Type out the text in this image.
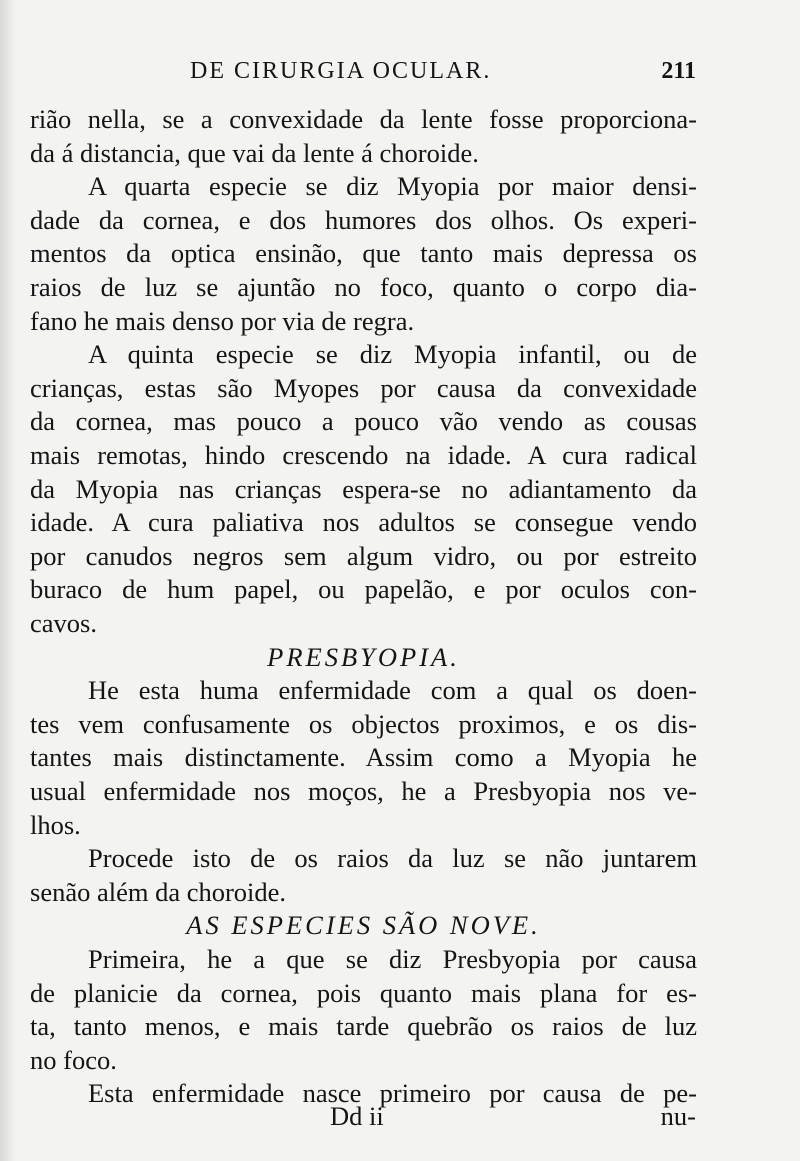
DE CIRURGIA OCULAR.	211
rião nella, se a convexidade da lente fosse proporciona-
da á distancia, que vai da lente á choroide.
A quarta especie se diz Myopia por maior densi-
dade da cornea, e dos humores dos olhos. Os experi-
mentos da optica ensinão, que tanto mais depressa os
raios de luz se ajuntão no foco, quanto o corpo dia-
fano he mais denso por via de regra.
A quinta especie se diz Myopia infantil, ou de
crianças, estas são Myopes por causa da convexidade
da cornea, mas pouco a pouco vão vendo as cousas
mais remotas, hindo crescendo na idade. A cura radical
da Myopia nas crianças espera-se no adiantamento da
idade. A cura paliativa nos adultos se consegue vendo
por canudos negros sem algum vidro, ou por estreito
buraco de hum papel, ou papelão, e por oculos con-
cavos.
PRESBYOPIA.
He esta huma enfermidade com a qual os doen-
tes vem confusamente os objectos proximos, e os dis-
tantes mais distinctamente. Assim como a Myopia he
usual enfermidade nos moços, he a Presbyopia nos ve-
lhos.
Procede isto de os raios da luz se não juntarem
senão além da choroide.
AS ESPECIES SÃO NOVE.
Primeira, he a que se diz Presbyopia por causa
de planicie da cornea, pois quanto mais plana for es-
ta, tanto menos, e mais tarde quebrão os raios de luz
no foco.
Esta enfermidade nasce primeiro por causa de pe-
Dd ii	nu-
